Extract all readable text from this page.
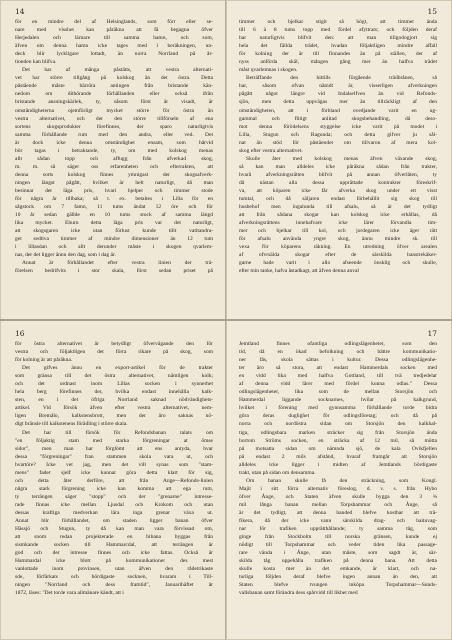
14
för en mindre del af Helsinglands, som förr eller se-
nare med visshet kan påräkna att få begagna öfver
Herjedalen och lärnare till samma hamn, och som,
äfven om denna hamn icke tages med i beräkningen, un-
deck blir lyckligare lottadt, än norra Norrland på år-
tionden kan blifva.
Det har af många påstätts, att vestra alternati-
vet har större tillgång på kolskog än det östra. Detta
påstående måste härröra antingen från bristande kän-
nedom om dithörande förhållanden eller också ifrån
bristande ansningskärlek, ty, såsom först är visadt, är
omständigheterna ojemförligt mycket större för östra än
vestra alternativet, och der den större tillförseln af ena
sortens skogsprodukter förefinnes, der sparo naturligtvis
samma förhållande rum med den andra, eller ved. Det
är dock icke denna omständighet ensam, som hårvid
bör tagas i betraktande, ty, om med kolskog menas
allt sådan topp och affugg från afverkad skog,
m. m. så säger oss erfarenheten och efterrakten, att
denna sorts kolskog finnes ymnigast der skogsafverk-
ningen längst pågått, hvilket är helt naturligt, då man
besinnar det läga pris, hvari hjelper och timmer stode
för några år tillbaka; så t. ex. betaltes i Lilla för en
sågstock om 7 famn, 11 tums ändat 12 öre och för
10 år sedan gällde en 10 tums stock af samma längd
lika mycket. Ehuru detta läga pris var det naturligt,
att skogsgaren icke utan förlust kunde tillt vatitandra-
get sedtiva timmer af mindre dimensioner än 12 tum
i lillasdan och allt derunder måste i skogen qvarlem-
nas, der det ligger ännu den dag, som i dag är.
Annat är förhållandet efter vestra linien der trä-
förelsen bedrifvits i stor skala, först sedan priset på
15
timmer och bjelkar stigit så högt, att timmer ända
till 6 à 8 tums topp med fördel afyttrats; och följden deraf
har naturligtvis blifvit den: att man tillgodogjort sig
hela det fällda trädet, hvadan följaktligen mindre affall
för kolning der är till finnandes än på ställen, der af
nyss anförda skäl, mången gång mer än halfva trädet
måst qvarlemnas i skogen.
Beträffande den hittills förgående trädbrånen, så
har, såsom ofvan nämdt är, visserligen afverkningen
pågått något längre vid Indalselfven än vid Refonds-
sjön, men detta uppvägas mer än tillräckligt af den
omständigheten, att i förbland ovedjande varit en ug-
gammal och flitigt anlitad skogsbehandling, då deso-
mot denna förödelsens styggelse icke varit på modet i
Lilla, Stugun och Ragunda; och detta gifver ju sål-
nat än stöd för påstäendet om tillvaron af mera kol-
skog efter vestra alternativet.
Skulle åter med kolskog menas äfven växande skog,
så kan man alldeles icke påräkna sådan från trakter,
hvarå afverkningsrätten blifvit på annan öfverlåten, ty
då nästan alla dessa upprättade kontrakter föreskrif-
va, att köparen icke får afverka skog under ett visst
tumtal, och då säljaren endast förbehållit sig skog till
husbehof men ingalunda till afsalu, så är det tydligt
att från sådana skogar kan kolskog icke erhållas, då
afverkningsrättens innehafvare icke lärer förvandla tim-
mer och bjelkar till kol, och jordegaren icke äger rätt
för afsalu använda yngre skog, ännu mindre sk. till
vexa för köparens räkning. En utredning öfver arealen
af ofvrsälda skogar efter de särskilda banstrekäker-
garne hade varit i allo afseende önsklig och skulle,
efter min tanke, hafva åstadkagt, att äfven denna anval
16
för östra alternativet är betydligt öfvervägande den för
vestra och följaktligen det förra rikare på skog, som
för kolning är att påräkna.
Det gifves ännu en export-artikel för de trakter
som gränsa till det östra alternativet, nämligen kolk;
och det ordnast inom Lillas socken i synnerhet
hela berg förefinnes der, hvilka endast innehålla kalk-
sten, en i det öfriga Norrland saknad nödvändighets-
artikel. Vid försök äfven efter vestra alternativet, nem-
ligen Bremålo, kalkstensbrott, men der äro saknas nö-
digt bränsle till kalkstenens förädling i större skala.
Det har till försök för Refondsbanan talats om
"en följaktig stam med starka förgreningar at ömse
sidor", men man har förglömt att ens antyda, hvar
dessa "förgreningar" fran stammen skola vara ut, och
hvartöre? Icke vet jag, men det vill synas som "stam-
mens" fader sjelf icke kunnat göra detta klart för sig,
och detta åter derföre, att från Ange—Refonds-linien
några stark förgrening icke kan komma att ega rum,
ty terrängen säger "stopp" och der "grenarne" intresse-
rade finnas icke mellan Ljusdal och Krokom och utan
dessas kraftiga medverkan lära inga grenar växa ut.
Annat blir förhållandet, om staden ligger banan öfver
Hässjö och Stugun, ty då kan man vara förvissad om,
att snom redan projekterade en bibana byggas från
sismkande socken till Hammarcdal, att terrängen är
god och der intresse finnes och icke fattas. Också är
Hammardal icke blott på kommunikationer des mest
vanlottade inom provinsen, utan äfven den rådetrikaste
sde, förfärkats och bördigaste socknen, hvaram i Till-
ningen "Norrland och dess framtid", Januarihäftet år
1872, läses: "Det torde vara allmänare kändt, att i
17
Jemtland finnes ofantliga odlingslägenheter, som den
tid, då en ökad befolkning och bättre kommunikatio-
ner fås, skola sättas i kultur. Dessa odlingslägenhe-
ter äro så stora, att endast Hammerdals socken med
en vidd lika med halfva Gottland, till tvä tredjedelar
af denna vidd lärer med fördel kunna odlas." Dessa
odlingslägenheter, lika som de mellan Storsjön och
Hammerdal liggande socknarnes, hvilar på kalkgrund,
hvilket i förening med gynnsamma förhållande torde bidra
göra deras duglighet för odlingsföretag; och då på
norra och nordöstra sidan om Storsjön den kalkhal-
tiga, odlingsbara marken sträcker sig från Storsjön ända
bortom Ströms socken, en sträcka af 12 mil, så mötta
på motsatta sidan om nämnda sjö, de kala Ovikfjellen
på endast 2 mils afstånd, hvaraf framgår att Storsjön
alldeles icke ligger i midten af Jemtlands bördigaste
trakt, utan på sidan om densamma.
Om banan skulle få den sträckning, som Kongl.
Majit i sitt förra alternativ föreslog, d. v. s. från Hybo
öfver Ånge, och Staten äfven skulle bygga den 3 ¾
mil långa banan mellan Torpshammar och Ånge, så
är det tydligt, att denna banded blefve kostbar att trä-
fikera, då der icke vann särskilda drag- och baituvag-
nar för trafiken upprätthållande; ty samma tåg, som
ginge från Stockholm till norska gränsen, kunde ej
nödigt till Torpshammar och veder tiden lika passage-
rare vända i Ånge, utan måste, som sagdt är, sär-
skilda tåg uppehålla trafiken på denna bana. Att detta
skulle kosta mer än det emkande, är klart, och na-
turliga följden deraf blefve ingen annan än den, att
Staten blefve tvungen inköpa Torpshammar—Sunds-
vallsbanan samt förändra dess spårvidd till likhet med
